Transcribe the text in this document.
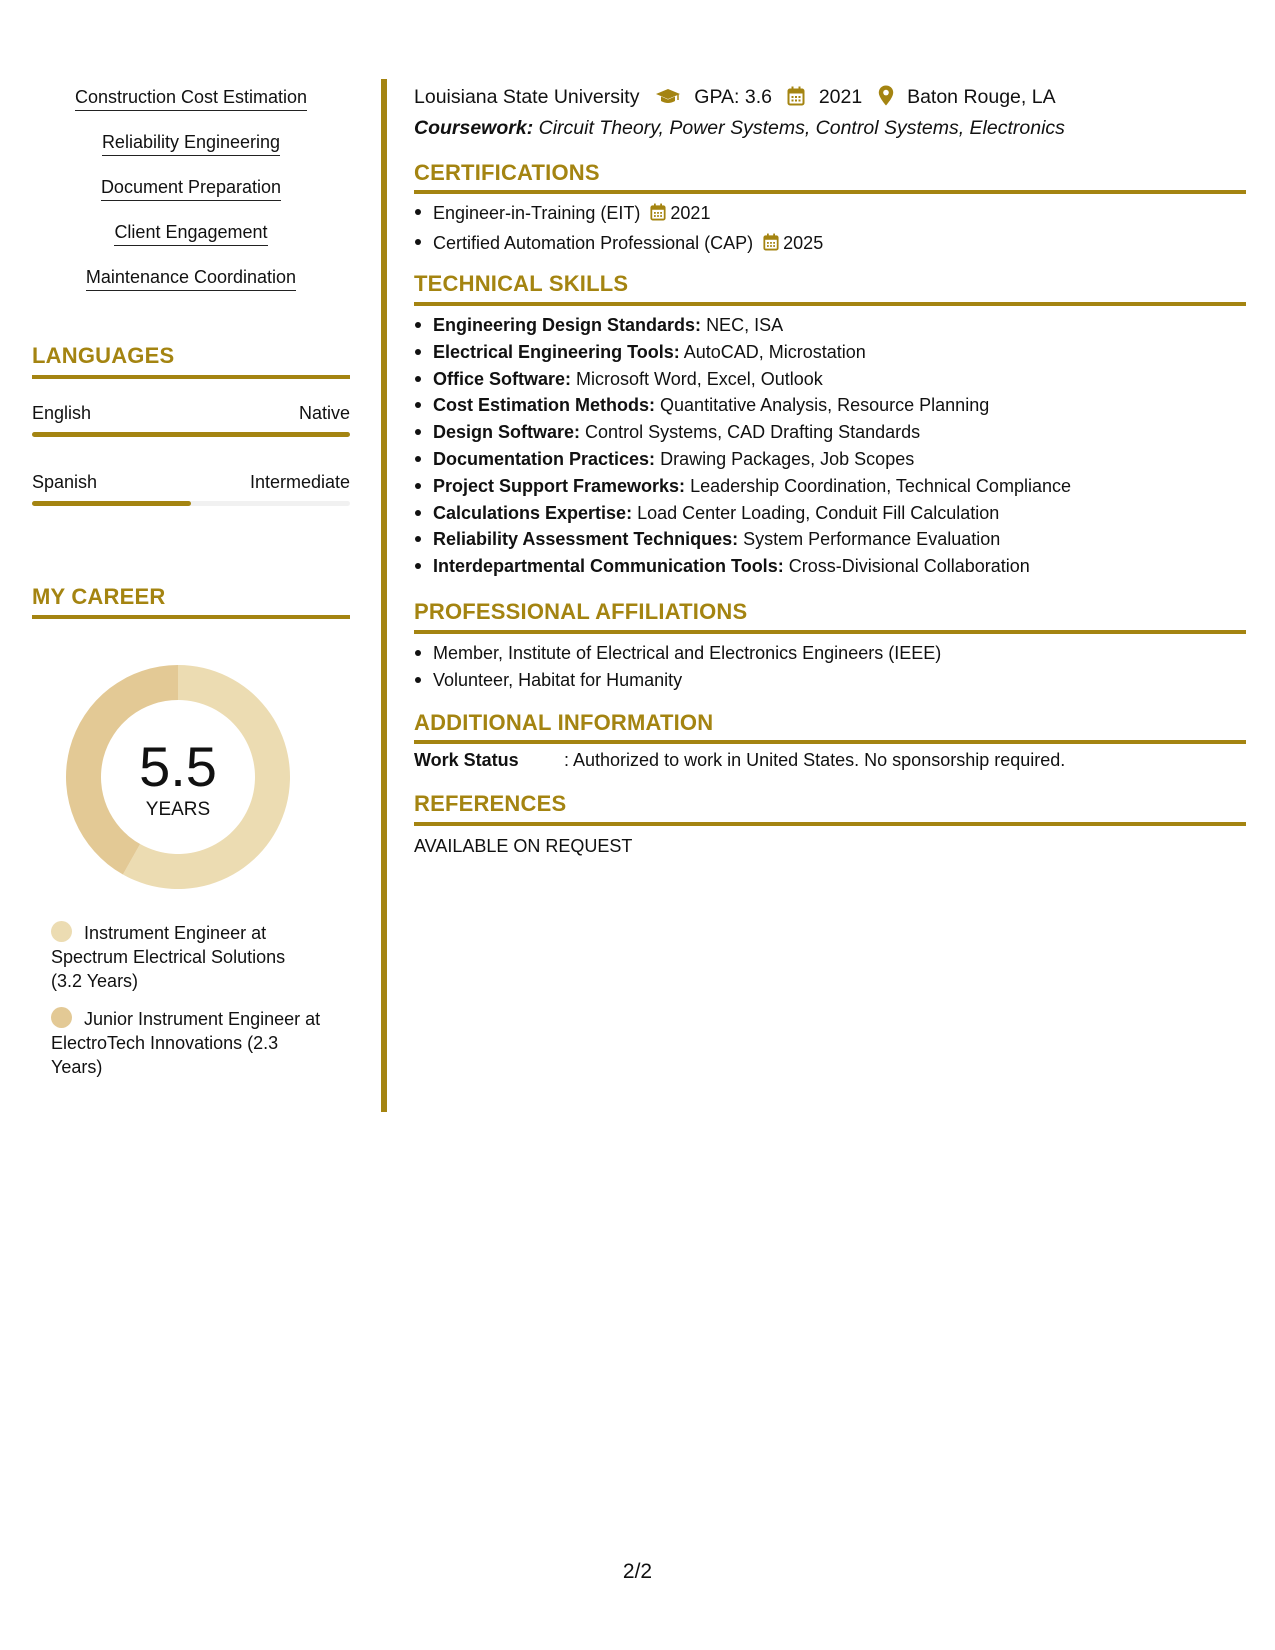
Construction Cost Estimation
Reliability Engineering
Document Preparation
Client Engagement
Maintenance Coordination
LANGUAGES
English	Native
Spanish	Intermediate
MY CAREER
5.5
YEARS
Instrument Engineer at Spectrum Electrical Solutions (3.2 Years)
Junior Instrument Engineer at ElectroTech Innovations (2.3 Years)
Louisiana State University	GPA: 3.6 2021 Baton Rouge, LA
Coursework: Circuit Theory, Power Systems, Control Systems, Electronics
CERTIFICATIONS
Engineer-in-Training (EIT) 2021
Certified Automation Professional (CAP) 2025
TECHNICAL SKILLS
Engineering Design Standards: NEC, ISA
Electrical Engineering Tools: AutoCAD, Microstation
Office Software: Microsoft Word, Excel, Outlook
Cost Estimation Methods: Quantitative Analysis, Resource Planning
Design Software: Control Systems, CAD Drafting Standards
Documentation Practices: Drawing Packages, Job Scopes
Project Support Frameworks: Leadership Coordination, Technical Compliance
Calculations Expertise: Load Center Loading, Conduit Fill Calculation
Reliability Assessment Techniques: System Performance Evaluation
Interdepartmental Communication Tools: Cross-Divisional Collaboration
PROFESSIONAL AFFILIATIONS
Member, Institute of Electrical and Electronics Engineers (IEEE)
Volunteer, Habitat for Humanity
ADDITIONAL INFORMATION
Work Status	: Authorized to work in United States. No sponsorship required.
REFERENCES
AVAILABLE ON REQUEST
2/2
